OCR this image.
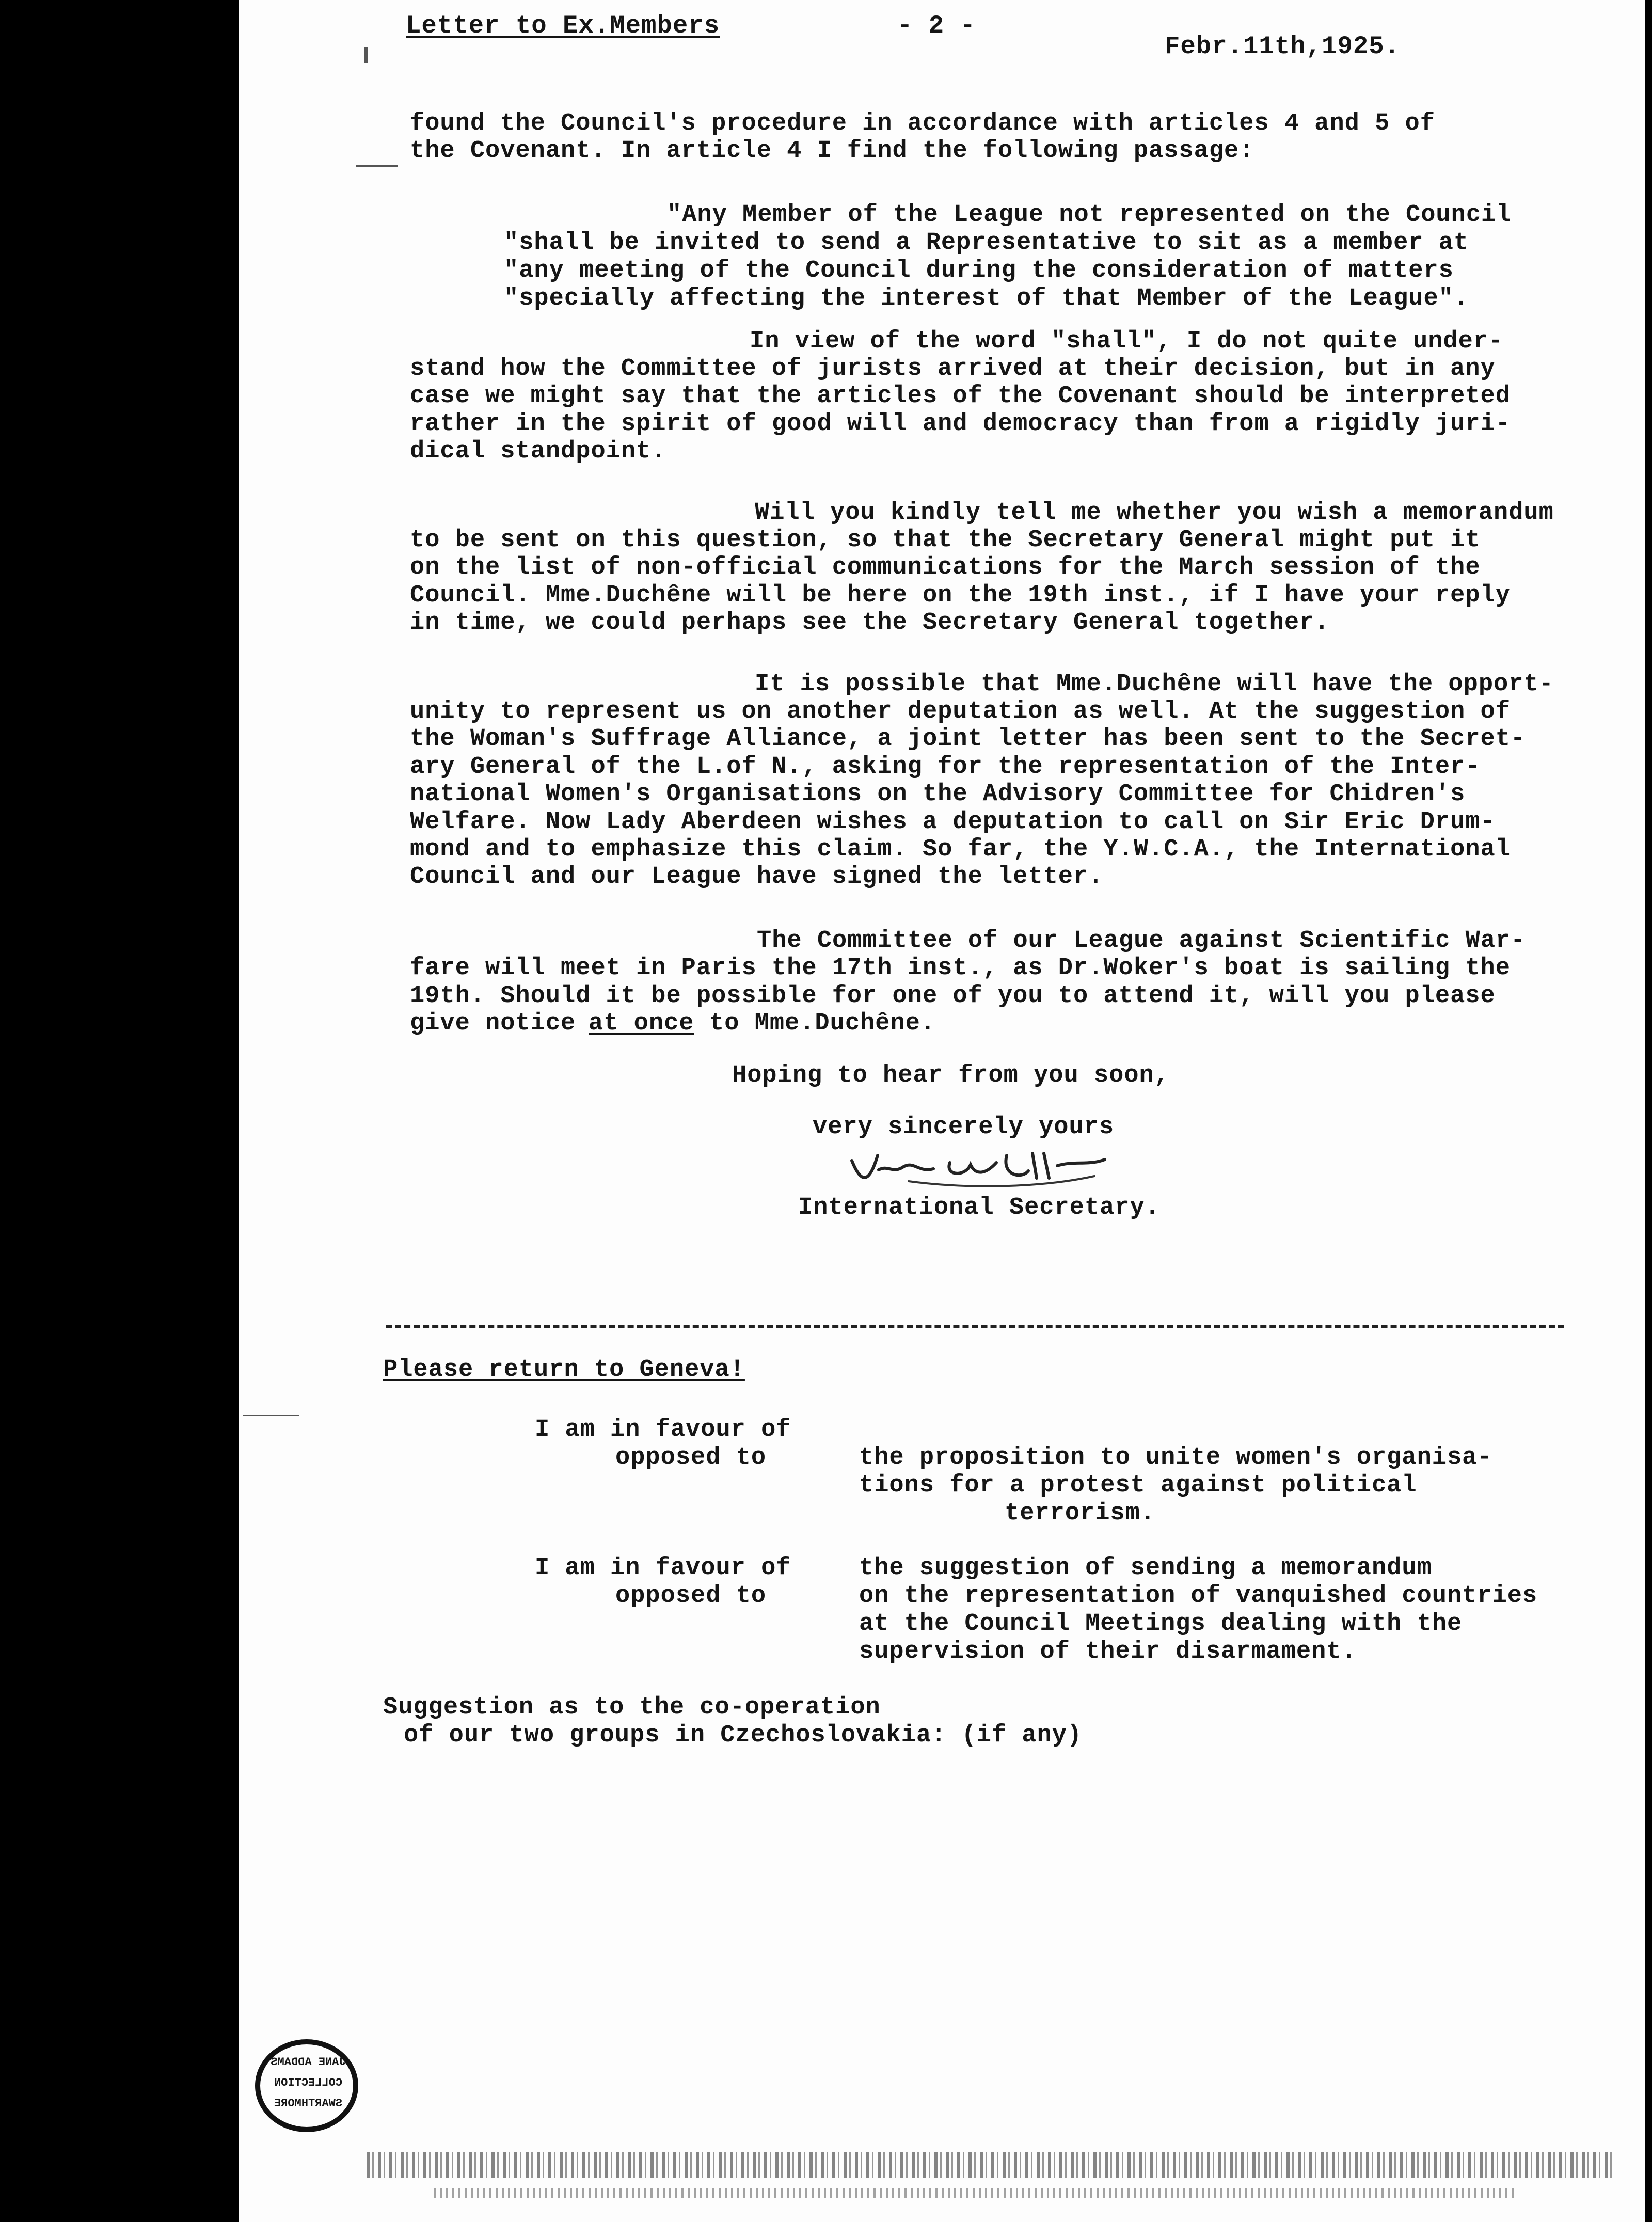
Letter to Ex.Members	- 2 -
Febr.11th,1925.
found the Council's procedure in accordance with articles 4 and 5 of
the Covenant. In article 4 I find the following passage:
"Any Member of the League not represented on the Council
"shall be invited to send a Representative to sit as a member at
"any meeting of the Council during the consideration of matters
"specially affecting the interest of that Member of the League".
In view of the word "shall", I do not quite under-
stand how the Committee of jurists arrived at their decision, but in any
case we might say that the articles of the Covenant should be interpreted
rather in the spirit of good will and democracy than from a rigidly juri-
dical standpoint.
Will you kindly tell me whether you wish a memorandum
to be sent on this question, so that the Secretary General might put it
on the list of non-official communications for the March session of the
Council. Mme.Duchêne will be here on the 19th inst., if I have your reply
in time, we could perhaps see the Secretary General together.
It is possible that Mme.Duchêne will have the opport-
unity to represent us on another deputation as well. At the suggestion of
the Woman's Suffrage Alliance, a joint letter has been sent to the Secret-
ary General of the L.of N., asking for the representation of the Inter-
national Women's Organisations on the Advisory Committee for Chidren's
Welfare. Now Lady Aberdeen wishes a deputation to call on Sir Eric Drum-
mond and to emphasize this claim. So far, the Y.W.C.A., the International
Council and our League have signed the letter.
The Committee of our League against Scientific War-
fare will meet in Paris the 17th inst., as Dr.Woker's boat is sailing the
19th. Should it be possible for one of you to attend it, will you please
give notice at once to Mme.Duchêne.
Hoping to hear from you soon,
very sincerely yours
International Secretary.
Please return to Geneva!
I am in favour of
opposed to	the proposition to unite women's organisa-
tions for a protest against political
terrorism.
I am in favour of
opposed to
the suggestion of sending a memorandum
on the representation of vanquished countries
at the Council Meetings dealing with the
supervision of their disarmament.
Suggestion as to the co-operation
of our two groups in Czechoslovakia: (if any)
JANE ADDAMS
COLLECTION
SWARTHMORE
